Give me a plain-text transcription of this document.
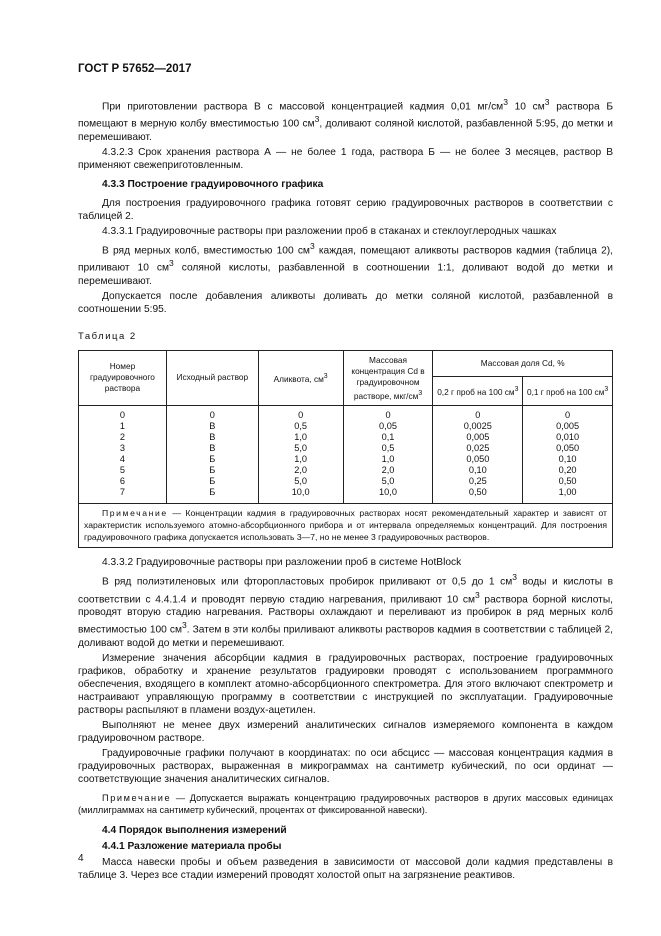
ГОСТ Р 57652—2017
При приготовлении раствора В с массовой концентрацией кадмия 0,01 $мг/см^3$ 10 $см^3$ раствора Б помещают в мерную колбу вместимостью 100 $см^3$, доливают соляной кислотой, разбавленной 5:95, до метки и перемешивают.
4.3.2.3 Срок хранения раствора А — не более 1 года, раствора Б — не более 3 месяцев, раствор В применяют свежеприготовленным.
4.3.3 Построение градуировочного графика
Для построения градуировочного графика готовят серию градуировочных растворов в соответствии с таблицей 2.
4.3.3.1 Градуировочные растворы при разложении проб в стаканах и стеклоуглеродных чашках
В ряд мерных колб, вместимостью 100 $см^3$ каждая, помещают аликвоты растворов кадмия (таблица 2), приливают 10 $см^3$ соляной кислоты, разбавленной в соотношении 1:1, доливают водой до метки и перемешивают.
Допускается после добавления аликвоты доливать до метки соляной кислотой, разбавленной в соотношении 5:95.
Таблица 2
Номер градуировочного раствора	Исходный раствор	Аликвота, $см^3$	Массовая концентрация Cd в градуировочном растворе, мкг/$см^3$	Массовая доля Cd, %	
				0,2 г проб на 100 $см^3$	0,1 г проб на 100 $см^3$
0	0	0	0	0	0
1	В	0,5	0,05	0,0025	0,005
2	В	1,0	0,1	0,005	0,010
3	В	5,0	0,5	0,025	0,050
4	Б	1,0	1,0	0,050	0,10
5	Б	2,0	2,0	0,10	0,20
6	Б	5,0	5,0	0,25	0,50
7	Б	10,0	10,0	0,50	1,00
Примечание — Концентрации кадмия в градуировочных растворах носят рекомендательный характер и зависят от характеристик используемого атомно-абсорбционного прибора и от интервала определяемых концентраций. Для построения градуировочного графика допускается использовать 3—7, но не менее 3 градуировочных растворов.					
4.3.3.2 Градуировочные растворы при разложении проб в системе HotBlock
В ряд полиэтиленовых или фторопластовых пробирок приливают от 0,5 до 1 $см^3$ воды и кислоты в соответствии с 4.4.1.4 и проводят первую стадию нагревания, приливают 10 $см^3$ раствора борной кислоты, проводят вторую стадию нагревания. Растворы охлаждают и переливают из пробирок в ряд мерных колб вместимостью 100 $см^3$. Затем в эти колбы приливают аликвоты растворов кадмия в соответствии с таблицей 2, доливают водой до метки и перемешивают.
Измерение значения абсорбции кадмия в градуировочных растворах, построение градуировочных графиков, обработку и хранение результатов градуировки проводят с использованием программного обеспечения, входящего в комплект атомно-абсорбционного спектрометра. Для этого включают спектрометр и настраивают управляющую программу в соответствии с инструкцией по эксплуатации. Градуировочные растворы распыляют в пламени воздух-ацетилен.
Выполняют не менее двух измерений аналитических сигналов измеряемого компонента в каждом градуировочном растворе.
Градуировочные графики получают в координатах: по оси абсцисс — массовая концентрация кадмия в градуировочных растворах, выраженная в микрограммах на сантиметр кубический, по оси ординат — соответствующие значения аналитических сигналов.
Примечание — Допускается выражать концентрацию градуировочных растворов в других массовых единицах (миллиграммах на сантиметр кубический, процентах от фиксированной навески).
4.4 Порядок выполнения измерений
4.4.1 Разложение материала пробы
Масса навески пробы и объем разведения в зависимости от массовой доли кадмия представлены в таблице 3. Через все стадии измерений проводят холостой опыт на загрязнение реактивов.
4
